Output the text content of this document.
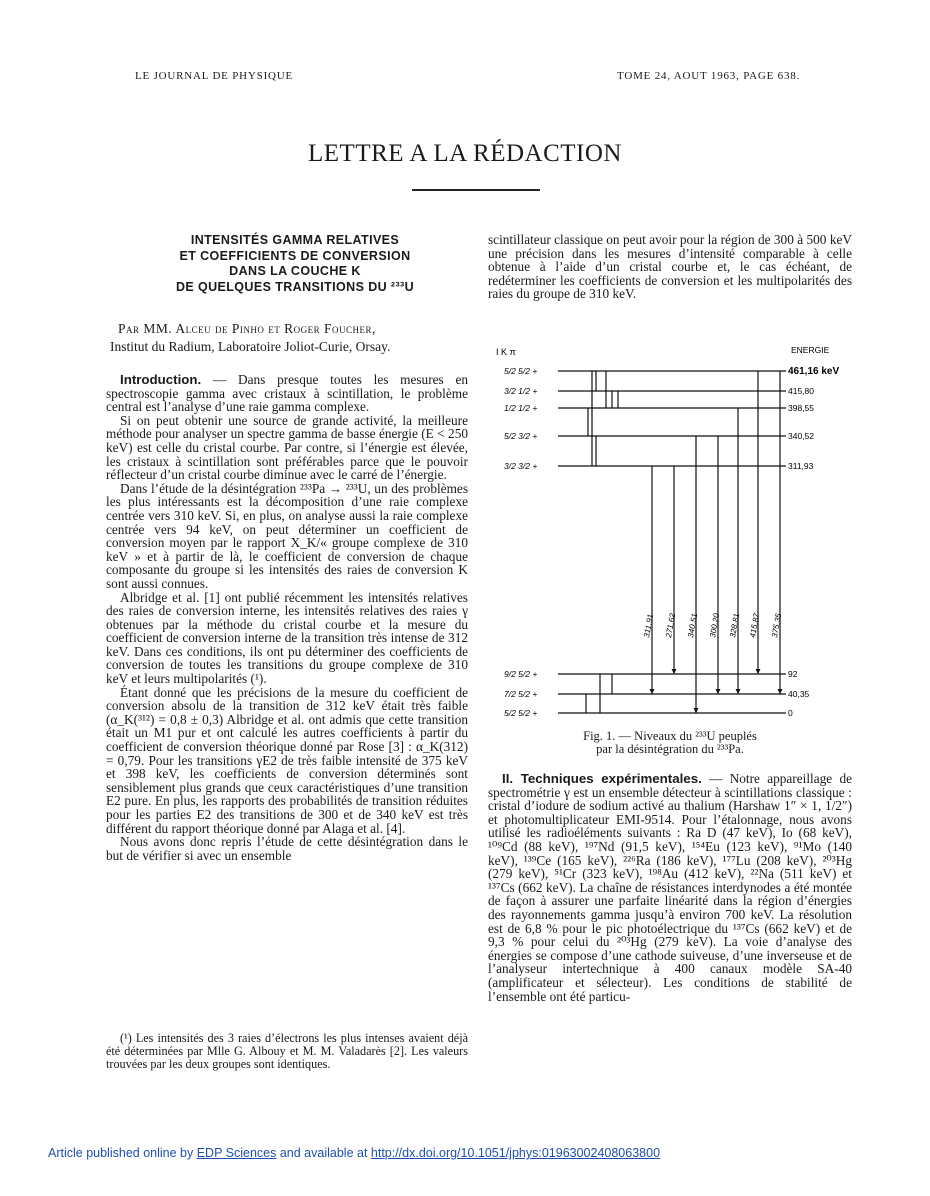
LE JOURNAL DE PHYSIQUE	TOME 24, AOUT 1963, PAGE 638.
LETTRE A LA RÉDACTION
INTENSITÉS GAMMA RELATIVES
ET COEFFICIENTS DE CONVERSION
DANS LA COUCHE K
DE QUELQUES TRANSITIONS DU ²³³U
Par MM. Alceu de Pinho et Roger Foucher,
Institut du Radium, Laboratoire Joliot-Curie, Orsay.

Introduction. — Dans presque toutes les mesures en spectroscopie gamma avec cristaux à scintillation, le problème central est l’analyse d’une raie gamma complexe.

Si on peut obtenir une source de grande activité, la meilleure méthode pour analyser un spectre gamma de basse énergie (E < 250 keV) est celle du cristal courbe. Par contre, si l’énergie est élevée, les cristaux à scintillation sont préférables parce que le pouvoir réflecteur d’un cristal courbe diminue avec le carré de l’énergie.

Dans l’étude de la désintégration ²³³Pa → ²³³U, un des problèmes les plus intéressants est la décomposition d’une raie complexe centrée vers 310 keV. Si, en plus, on analyse aussi la raie complexe centrée vers 94 keV, on peut déterminer un coefficient de conversion moyen par le rapport X_K/« groupe complexe de 310 keV » et à partir de là, le coefficient de conversion de chaque composante du groupe si les intensités des raies de conversion K sont aussi connues.

Albridge et al. [1] ont publié récemment les intensités relatives des raies de conversion interne, les intensités relatives des raies γ obtenues par la méthode du cristal courbe et la mesure du coefficient de conversion interne de la transition très intense de 312 keV. Dans ces conditions, ils ont pu déterminer des coefficients de conversion de toutes les transitions du groupe complexe de 310 keV et leurs multipolarités (¹).

Étant donné que les précisions de la mesure du coefficient de conversion absolu de la transition de 312 keV était très faible (α_K(³¹²) = 0,8 ± 0,3) Albridge et al. ont admis que cette transition était un M1 pur et ont calculé les autres coefficients à partir du coefficient de conversion théorique donné par Rose [3] : α_K(312) = 0,79. Pour les transitions γE2 de très faible intensité de 375 keV et 398 keV, les coefficients de conversion déterminés sont sensiblement plus grands que ceux caractéristiques d’une transition E2 pure. En plus, les rapports des probabilités de transition réduites pour les parties E2 des transitions de 300 et de 340 keV est très différent du rapport théorique donné par Alaga et al. [4].

Nous avons donc repris l’étude de cette désintégration dans le but de vérifier si avec un ensemble

(¹) Les intensités des 3 raies d’électrons les plus intenses avaient déjà été déterminées par Mlle G. Albouy et M. M. Valadarès [2]. Les valeurs trouvées par les deux groupes sont identiques.

scintillateur classique on peut avoir pour la région de 300 à 500 keV une précision dans les mesures d’intensité comparable à celle obtenue à l’aide d’un cristal courbe et, le cas échéant, de redéterminer les coefficients de conversion et les multipolarités des raies du groupe de 310 keV.

I K π	ENERGIE
5/2 5/2 +	461,16 keV
3/2 1/2 +	415,80
1/2 1/2 +	398,55
5/2 3/2 +	340,52
3/2 3/2 +	311,93
9/2 5/2 +	92
7/2 5/2 +	40,35
5/2 5/2 +	0
311,91 271,62 340,51 300,20 328,81 415,87 375,35
Fig. 1. — Niveaux du ²³³U peuplés
par la désintégration du ²³³Pa.

II. Techniques expérimentales. — Notre appareillage de spectrométrie γ est un ensemble détecteur à scintillations classique : cristal d’iodure de sodium activé au thalium (Harshaw 1″ × 1, 1/2″) et photomultiplicateur EMI-9514. Pour l’étalonnage, nous avons utilisé les radioéléments suivants : Ra D (47 keV), Io (68 keV), ¹⁰⁹Cd (88 keV), ¹⁹⁷Nd (91,5 keV), ¹⁵⁴Eu (123 keV), ⁹¹Mo (140 keV), ¹³⁹Ce (165 keV), ²²⁶Ra (186 keV), ¹⁷⁷Lu (208 keV), ²⁰³Hg (279 keV), ⁵¹Cr (323 keV), ¹⁹⁸Au (412 keV), ²²Na (511 keV) et ¹³⁷Cs (662 keV). La chaîne de résistances interdynodes a été montée de façon à assurer une parfaite linéarité dans la région d’énergies des rayonnements gamma jusqu’à environ 700 keV. La résolution est de 6,8 % pour le pic photoélectrique du ¹³⁷Cs (662 keV) et de 9,3 % pour celui du ²⁰³Hg (279 keV). La voie d’analyse des énergies se compose d’une cathode suiveuse, d’une inverseuse et de l’analyseur intertechnique à 400 canaux modèle SA-40 (amplificateur et sélecteur). Les conditions de stabilité de l’ensemble ont été particu-

Article published online by EDP Sciences and available at http://dx.doi.org/10.1051/jphys:01963002408063800
